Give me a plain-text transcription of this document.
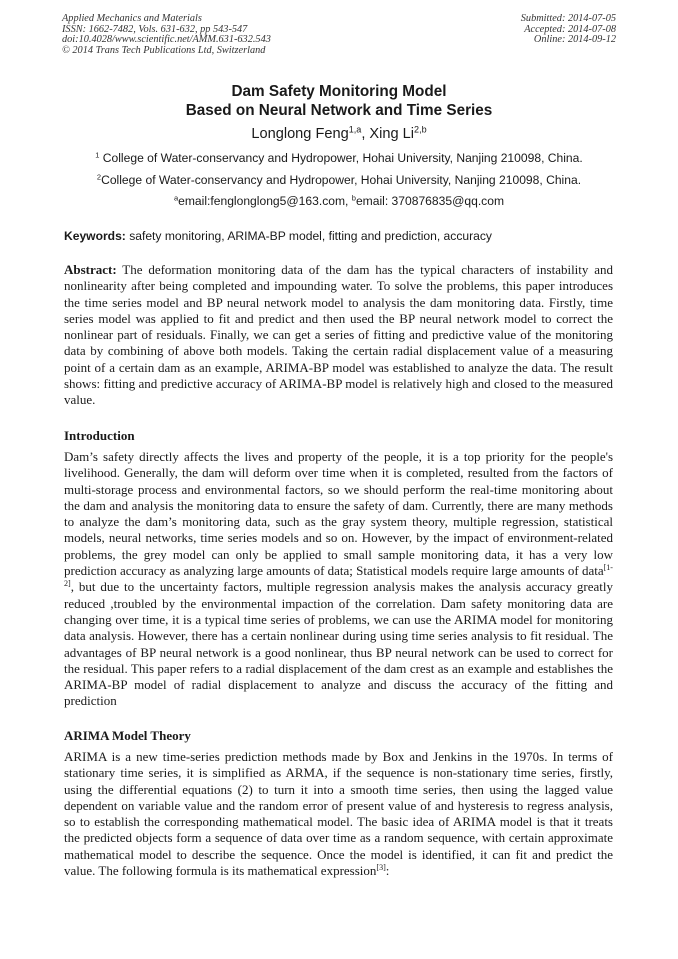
Applied Mechanics and Materials
ISSN: 1662-7482, Vols. 631-632, pp 543-547
doi:10.4028/www.scientific.net/AMM.631-632.543
© 2014 Trans Tech Publications Ltd, Switzerland
Submitted: 2014-07-05
Accepted: 2014-07-08
Online: 2014-09-12
Dam Safety Monitoring Model
Based on Neural Network and Time Series
Longlong Feng$^{1,a}$, Xing Li$^{2,b}$
$^1$ College of Water-conservancy and Hydropower, Hohai University, Nanjing 210098, China.
$^2$College of Water-conservancy and Hydropower, Hohai University, Nanjing 210098, China.
$^a$email:fenglonglong5@163.com, $^b$email: 370876835@qq.com
Keywords: safety monitoring, ARIMA-BP model, fitting and prediction, accuracy
Abstract: The deformation monitoring data of the dam has the typical characters of instability and nonlinearity after being completed and impounding water. To solve the problems, this paper introduces the time series model and BP neural network model to analysis the dam monitoring data. Firstly, time series model was applied to fit and predict and then used the BP neural network model to correct the nonlinear part of residuals. Finally, we can get a series of fitting and predictive value of the monitoring data by combining of above both models. Taking the certain radial displacement value of a measuring point of a certain dam as an example, ARIMA-BP model was established to analyze the data. The result shows: fitting and predictive accuracy of ARIMA-BP model is relatively high and closed to the measured value.
Introduction
Dam’s safety directly affects the lives and property of the people, it is a top priority for the people's livelihood. Generally, the dam will deform over time when it is completed, resulted from the factors of multi-storage process and environmental factors, so we should perform the real-time monitoring about the dam and analysis the monitoring data to ensure the safety of dam. Currently, there are many methods to analyze the dam’s monitoring data, such as the gray system theory, multiple regression, statistical models, neural networks, time series models and so on. However, by the impact of environment-related problems, the grey model can only be applied to small sample monitoring data, it has a very low prediction accuracy as analyzing large amounts of data; Statistical models require large amounts of data[1-2], but due to the uncertainty factors, multiple regression analysis makes the analysis accuracy greatly reduced ,troubled by the environmental impaction of the correlation. Dam safety monitoring data are changing over time, it is a typical time series of problems, we can use the ARIMA model for monitoring data analysis. However, there has a certain nonlinear during using time series analysis to fit residual. The advantages of BP neural network is a good nonlinear, thus BP neural network can be used to correct for the residual. This paper refers to a radial displacement of the dam crest as an example and establishes the ARIMA-BP model of radial displacement to analyze and discuss the accuracy of the fitting and prediction
ARIMA Model Theory
ARIMA is a new time-series prediction methods made by Box and Jenkins in the 1970s. In terms of stationary time series, it is simplified as ARMA, if the sequence is non-stationary time series, firstly, using the differential equations (2) to turn it into a smooth time series, then using the lagged value dependent on variable value and the random error of present value of and hysteresis to regress analysis, so to establish the corresponding mathematical model. The basic idea of ARIMA model is that it treats the predicted objects form a sequence of data over time as a random sequence, with certain approximate mathematical model to describe the sequence. Once the model is identified, it can fit and predict the value. The following formula is its mathematical expression[3]:
